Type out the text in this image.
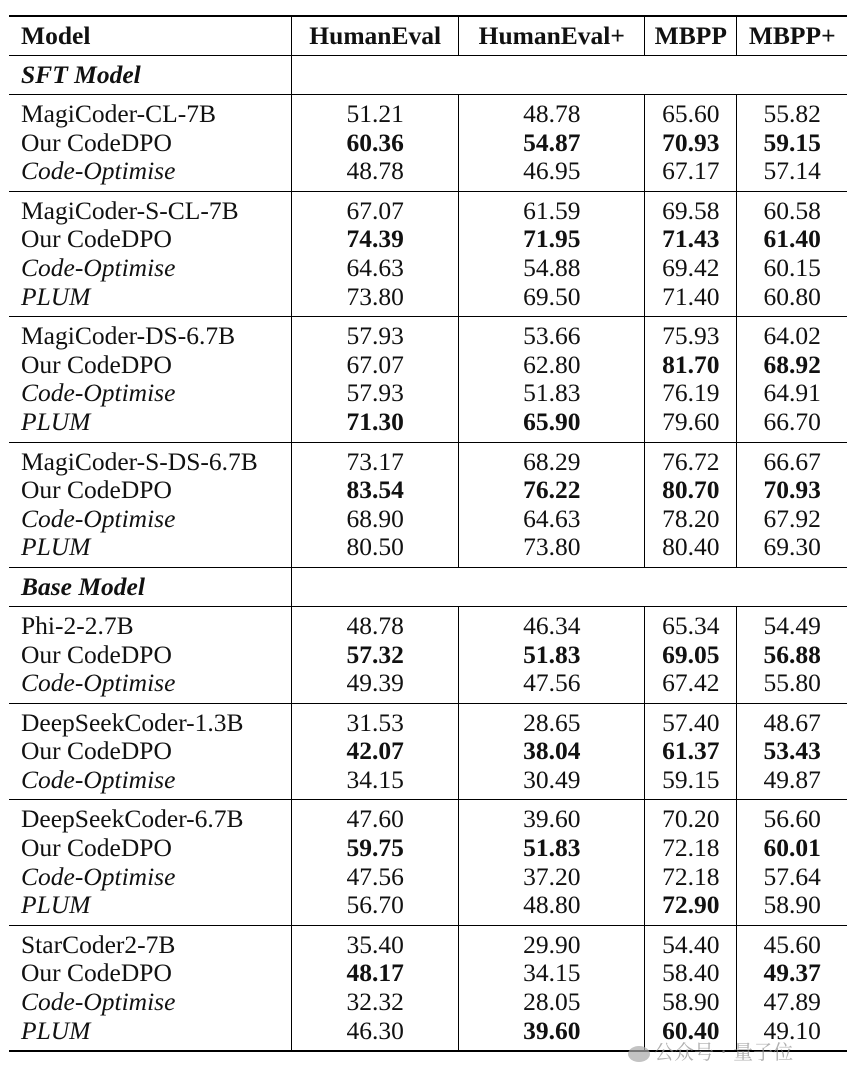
Model	HumanEval	HumanEval+	MBPP	MBPP+
SFT Model				
MagiCoder-CL-7B	51.21	48.78	65.60	55.82
Our CodeDPO	60.36	54.87	70.93	59.15
Code-Optimise	48.78	46.95	67.17	57.14
MagiCoder-S-CL-7B	67.07	61.59	69.58	60.58
Our CodeDPO	74.39	71.95	71.43	61.40
Code-Optimise	64.63	54.88	69.42	60.15
PLUM	73.80	69.50	71.40	60.80
MagiCoder-DS-6.7B	57.93	53.66	75.93	64.02
Our CodeDPO	67.07	62.80	81.70	68.92
Code-Optimise	57.93	51.83	76.19	64.91
PLUM	71.30	65.90	79.60	66.70
MagiCoder-S-DS-6.7B	73.17	68.29	76.72	66.67
Our CodeDPO	83.54	76.22	80.70	70.93
Code-Optimise	68.90	64.63	78.20	67.92
PLUM	80.50	73.80	80.40	69.30
Base Model				
Phi-2-2.7B	48.78	46.34	65.34	54.49
Our CodeDPO	57.32	51.83	69.05	56.88
Code-Optimise	49.39	47.56	67.42	55.80
DeepSeekCoder-1.3B	31.53	28.65	57.40	48.67
Our CodeDPO	42.07	38.04	61.37	53.43
Code-Optimise	34.15	30.49	59.15	49.87
DeepSeekCoder-6.7B	47.60	39.60	70.20	56.60
Our CodeDPO	59.75	51.83	72.18	60.01
Code-Optimise	47.56	37.20	72.18	57.64
PLUM	56.70	48.80	72.90	58.90
StarCoder2-7B	35.40	29.90	54.40	45.60
Our CodeDPO	48.17	34.15	58.40	49.37
Code-Optimise	32.32	28.05	58.90	47.89
PLUM	46.30	39.60	60.40	49.10
公众号 · 量子位
